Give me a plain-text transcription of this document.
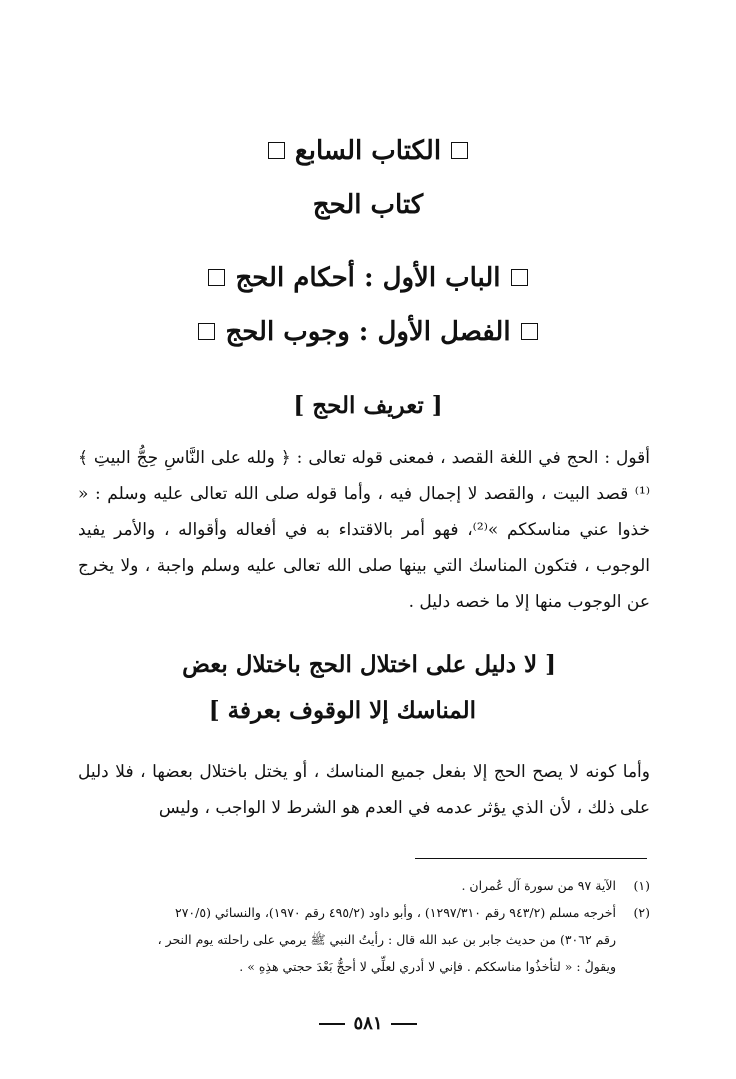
الكتاب السابع
كتاب الحج
الباب الأول : أحكام الحج
الفصل الأول : وجوب الحج
[ تعريف الحج ]

أقول : الحج في اللغة القصد ، فمعنى قوله تعالى : ﴿ ولله على النَّاسِ حِجُّ البيتِ ﴾⁽¹⁾ قصد البيت ، والقصد لا إجمال فيه ، وأما قوله صلى الله تعالى عليه وسلم : « خذوا عني مناسككم »⁽²⁾، فهو أمر بالاقتداء به في أفعاله وأقواله ، والأمر يفيد الوجوب ، فتكون المناسك التي بينها صلى الله تعالى عليه وسلم واجبة ، ولا يخرج عن الوجوب منها إلا ما خصه دليل .

[ لا دليل على اختلال الحج باختلال بعض
المناسك إلا الوقوف بعرفة ]

وأما كونه لا يصح الحج إلا بفعل جميع المناسك ، أو يختل باختلال بعضها ، فلا دليل على ذلك ، لأن الذي يؤثر عدمه في العدم هو الشرط لا الواجب ، وليس

(١)
الآية ٩٧ من سورة آل عُمران .
(٢)
أخرجه مسلم (٩٤٣/٢ رقم ١٢٩٧/٣١٠) ، وأبو داود (٤٩٥/٢ رقم ١٩٧٠)، والنسائي (٢٧٠/٥
رقم ٣٠٦٢) من حديث جابر بن عبد الله قال : رأيتُ النبي ﷺ يرمي على راحلته يوم النحر ،
ويقولُ : « لتأخذُوا مناسككم . فإني لا أدري لعلِّي لا أحجُّ بَعْدَ حجتي هذِهِ » .
٥٨١
